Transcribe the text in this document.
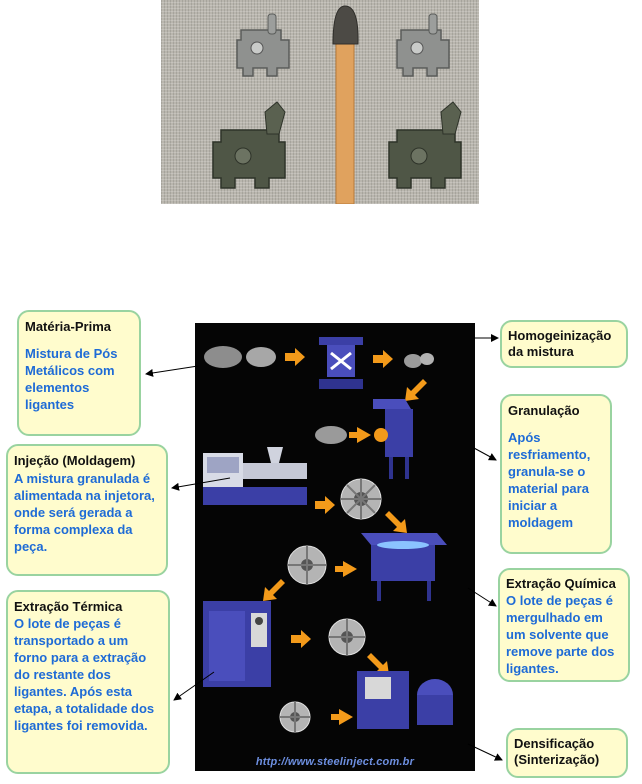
http://www.steelinject.com.br
Matéria-Prima
Mistura de Pós Metálicos com elementos ligantes
Homogeinização da mistura
Granulação
Após resfriamento, granula-se o material para iniciar a moldagem
Injeção (Moldagem)
A mistura granulada é alimentada na injetora, onde será gerada a forma complexa da peça.
Extração Química
O lote de peças é mergulhado em um solvente que remove parte dos ligantes.
Extração Térmica
O lote de peças é transportado a um forno para a extração do restante dos ligantes. Após esta etapa, a totalidade dos ligantes foi removida.
Densificação (Sinterização)
